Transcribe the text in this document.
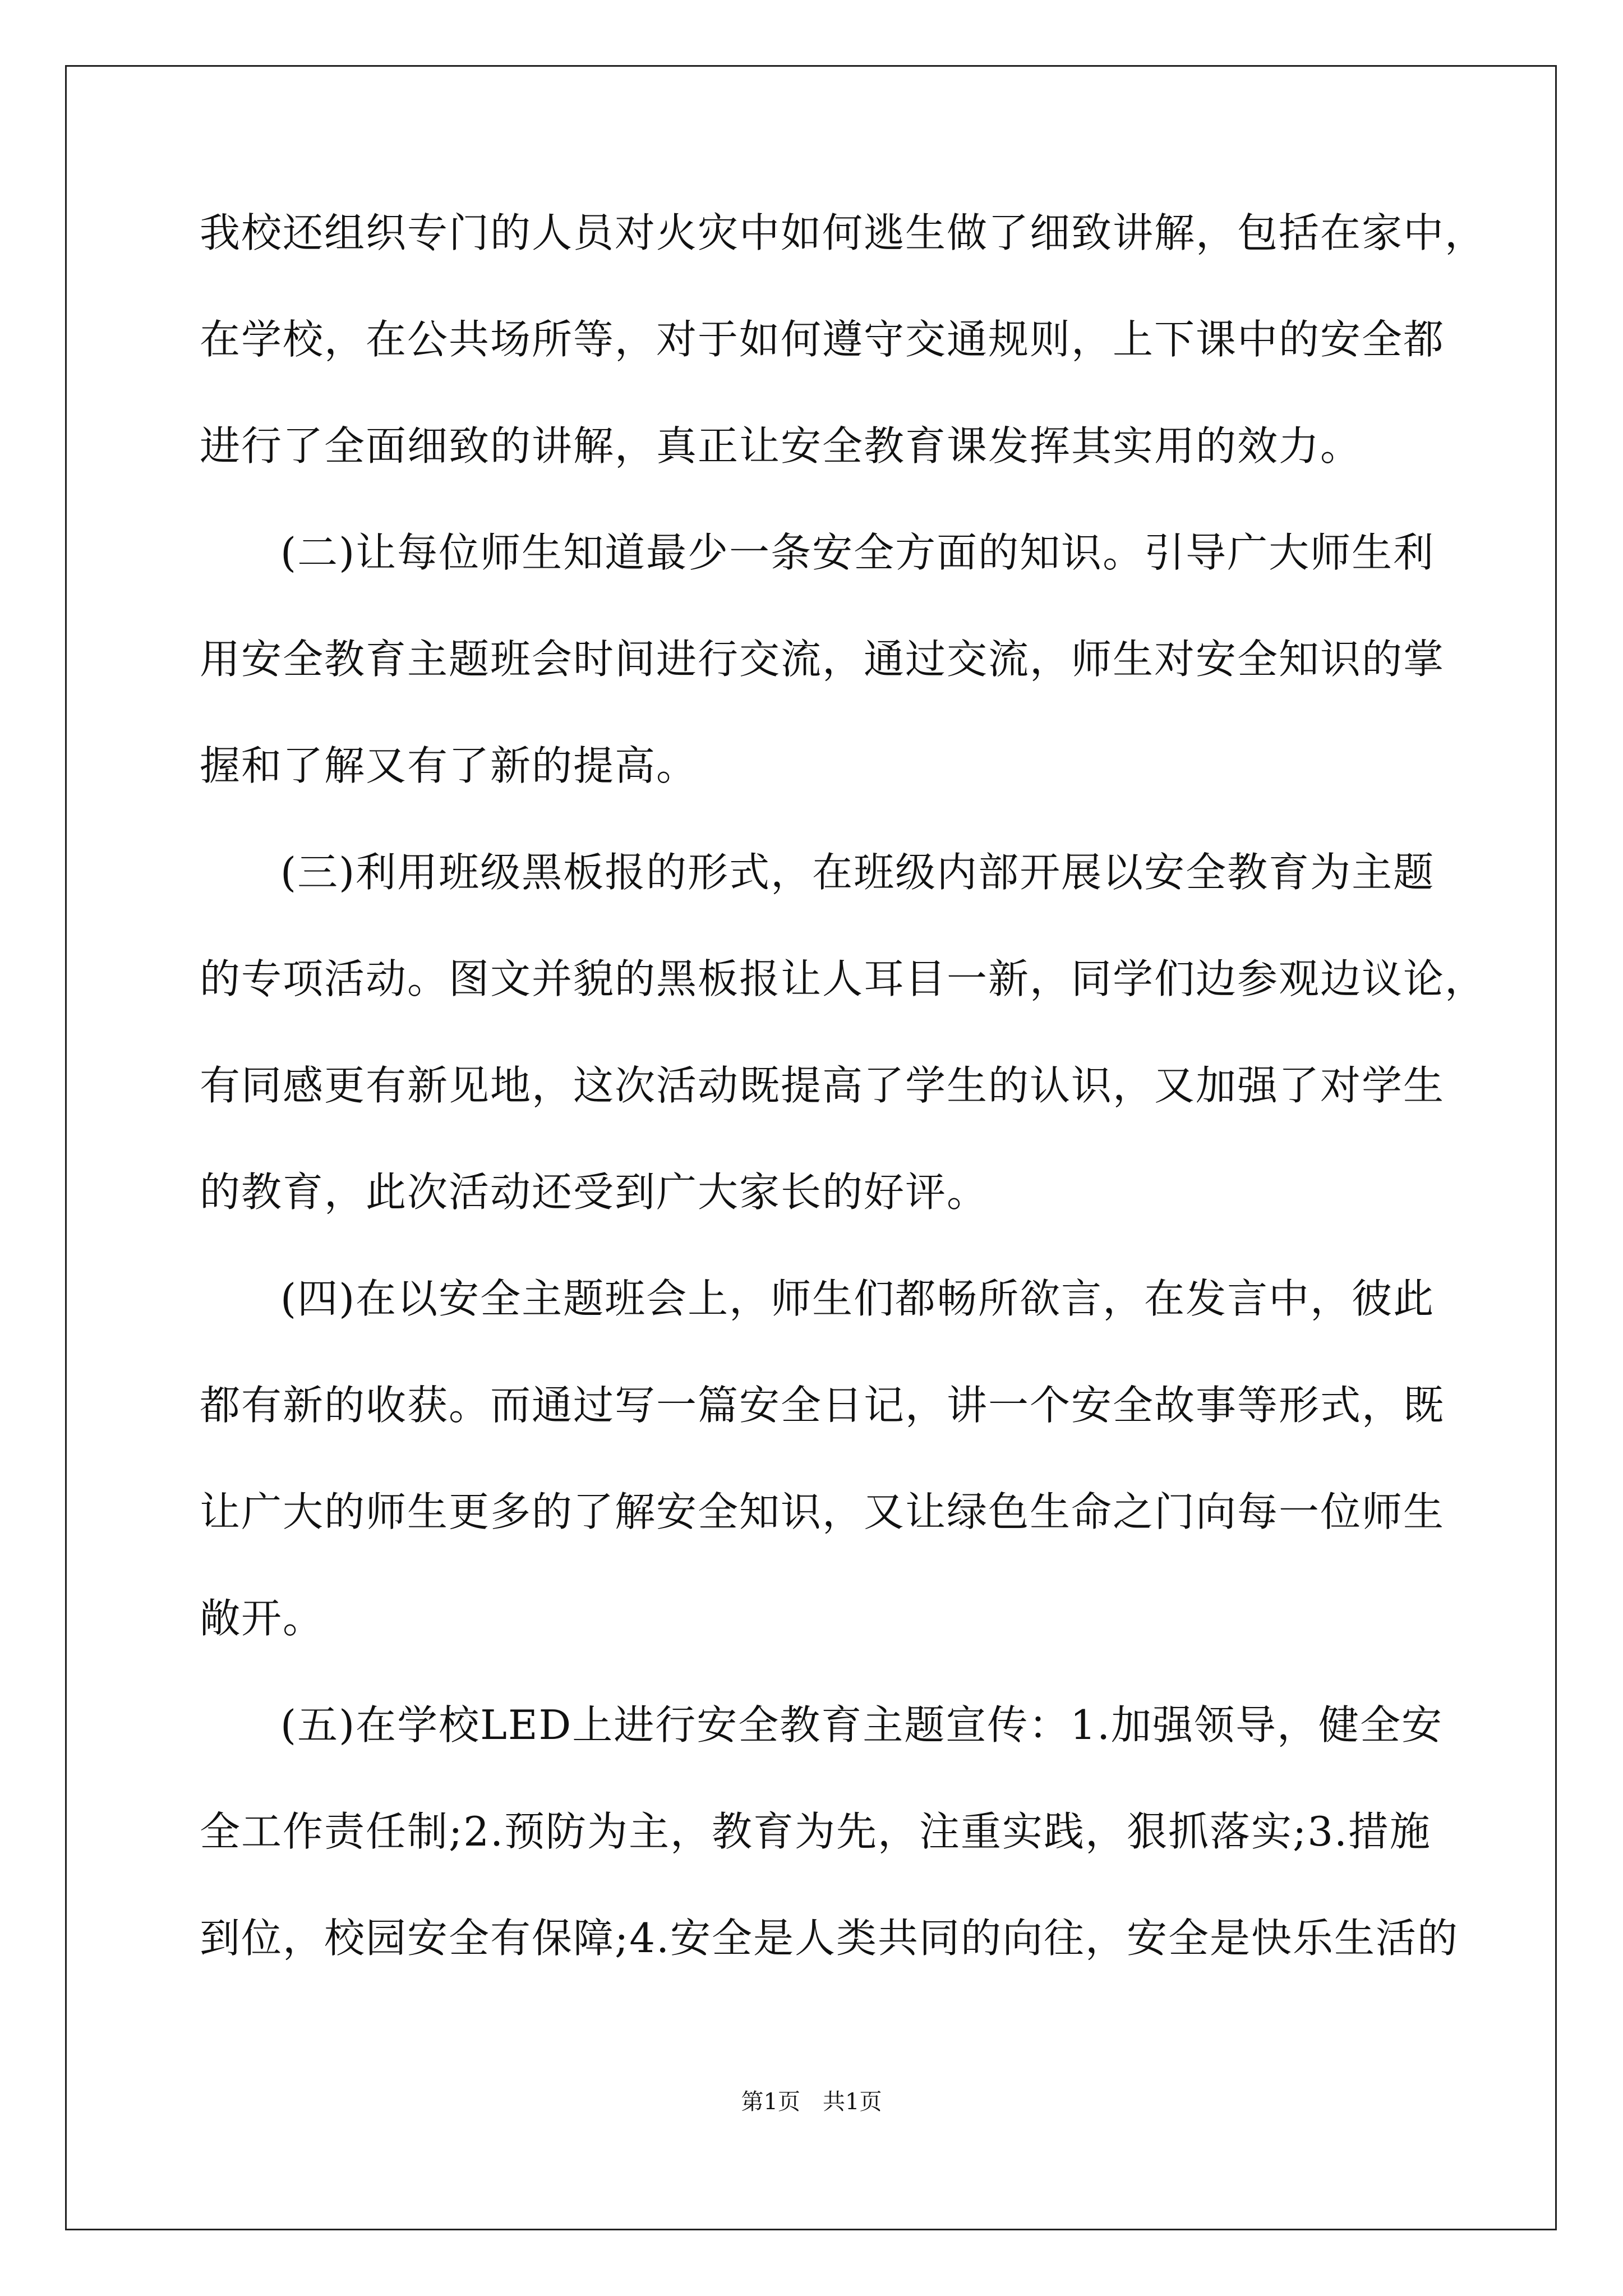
我校还组织专门的人员对火灾中如何逃生做了细致讲解，包括在家中，
在学校，在公共场所等，对于如何遵守交通规则，上下课中的安全都
进行了全面细致的讲解，真正让安全教育课发挥其实用的效力。
(二)让每位师生知道最少一条安全方面的知识。引导广大师生利
用安全教育主题班会时间进行交流，通过交流，师生对安全知识的掌
握和了解又有了新的提高。
(三)利用班级黑板报的形式，在班级内部开展以安全教育为主题
的专项活动。图文并貌的黑板报让人耳目一新，同学们边参观边议论，
有同感更有新见地，这次活动既提高了学生的认识，又加强了对学生
的教育，此次活动还受到广大家长的好评。
(四)在以安全主题班会上，师生们都畅所欲言，在发言中，彼此
都有新的收获。而通过写一篇安全日记，讲一个安全故事等形式，既
让广大的师生更多的了解安全知识，又让绿色生命之门向每一位师生
敞开。
(五)在学校LED上进行安全教育主题宣传：1.加强领导，健全安
全工作责任制;2.预防为主，教育为先，注重实践，狠抓落实;3.措施
到位，校园安全有保障;4.安全是人类共同的向往，安全是快乐生活的
第1页　共1页
